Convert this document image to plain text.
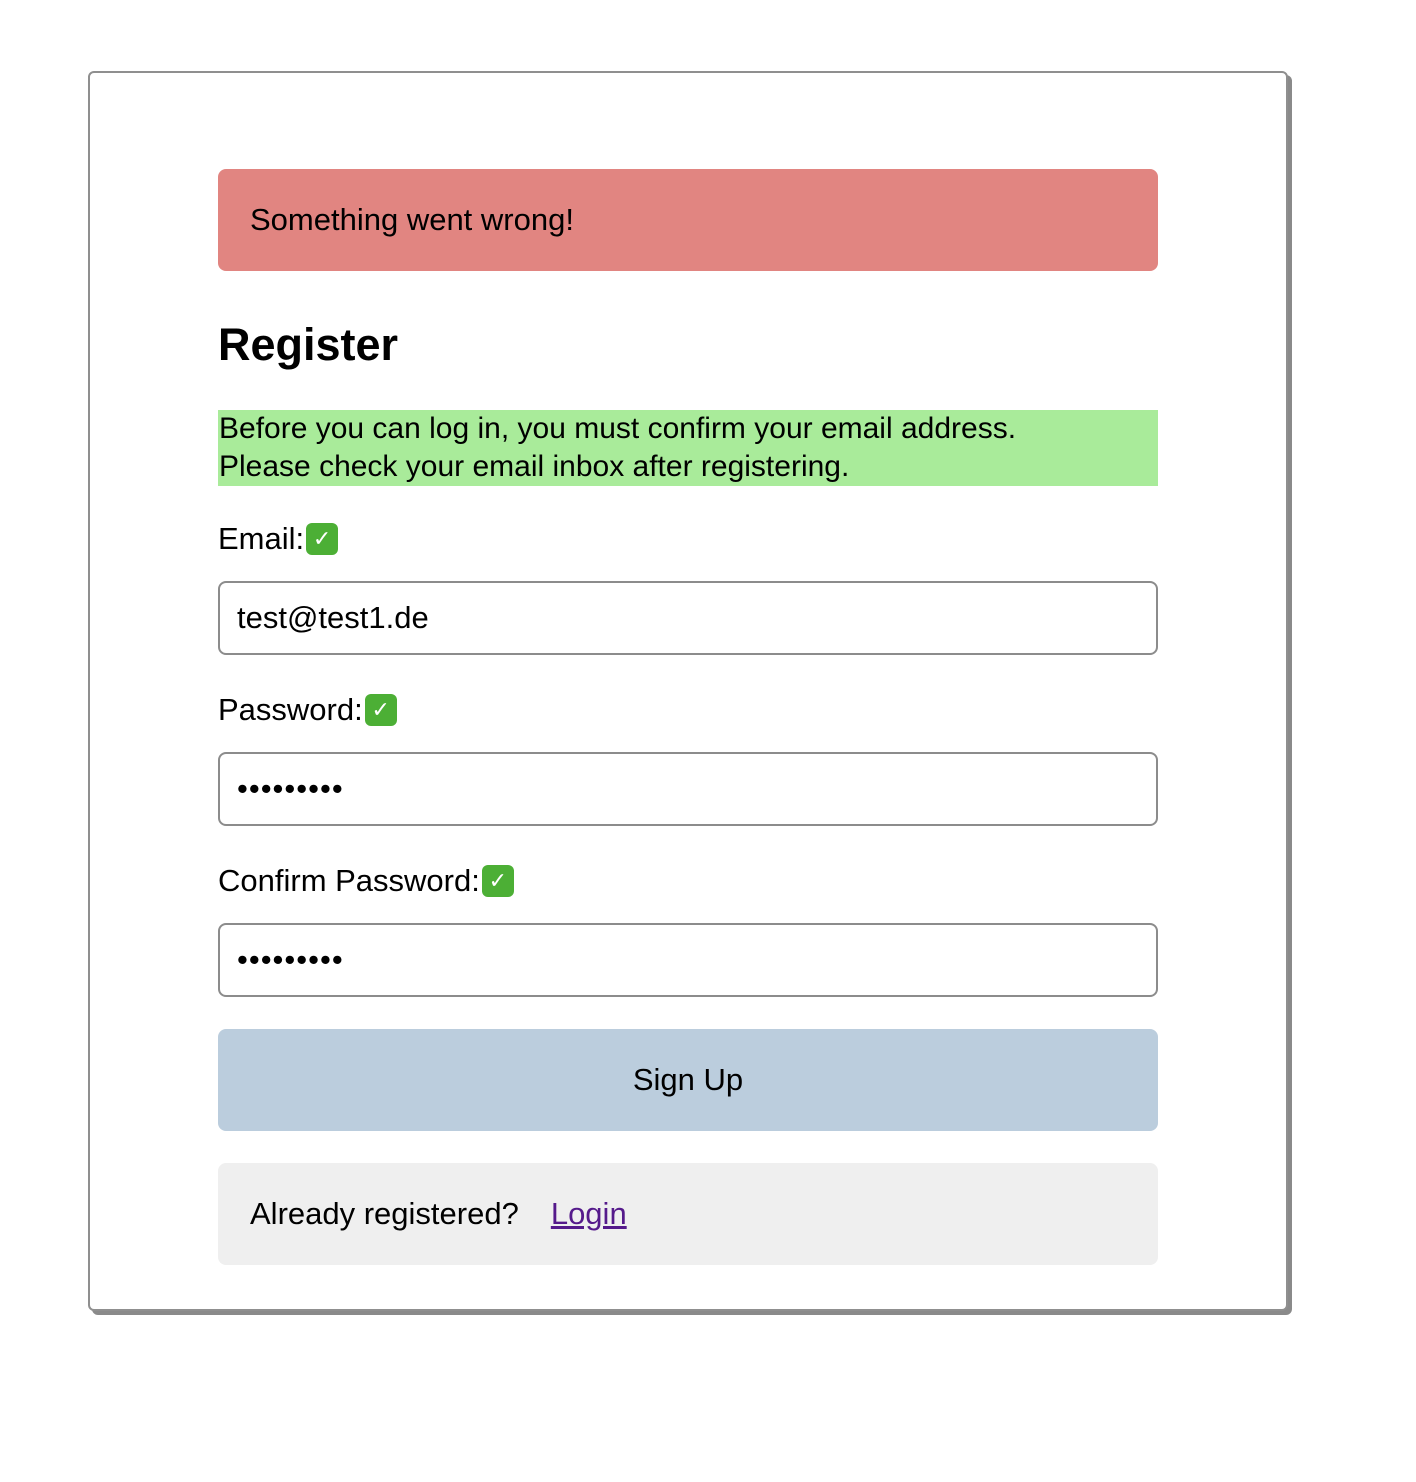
Something went wrong!
Register
Before you can log in, you must confirm your email address.
Please check your email inbox after registering.
Email: ✓
test@test1.de
Password: ✓
•••••••••
Confirm Password: ✓
•••••••••
Sign Up
Already registered? Login
